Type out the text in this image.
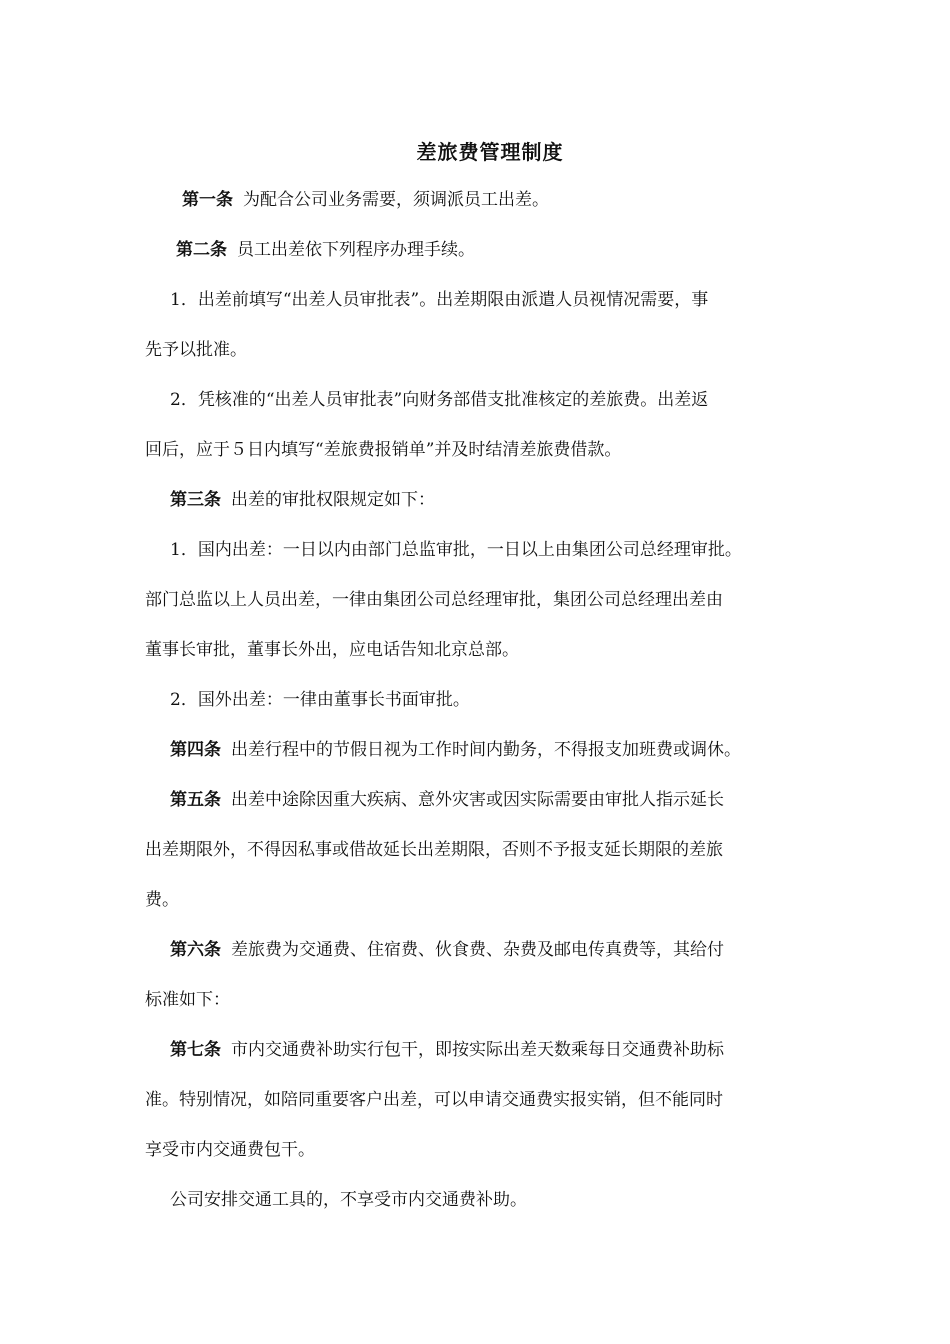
差旅费管理制度
第一条 为配合公司业务需要，须调派员工出差。
第二条 员工出差依下列程序办理手续。
1．出差前填写“出差人员审批表”。出差期限由派遣人员视情况需要，事
先予以批准。
2．凭核准的“出差人员审批表”向财务部借支批准核定的差旅费。出差返
回后，应于５日内填写“差旅费报销单”并及时结清差旅费借款。
第三条 出差的审批权限规定如下：
1．国内出差：一日以内由部门总监审批，一日以上由集团公司总经理审批。
部门总监以上人员出差，一律由集团公司总经理审批，集团公司总经理出差由
董事长审批，董事长外出，应电话告知北京总部。
2．国外出差：一律由董事长书面审批。
第四条 出差行程中的节假日视为工作时间内勤务，不得报支加班费或调休。
第五条 出差中途除因重大疾病、意外灾害或因实际需要由审批人指示延长
出差期限外，不得因私事或借故延长出差期限，否则不予报支延长期限的差旅
费。
第六条 差旅费为交通费、住宿费、伙食费、杂费及邮电传真费等，其给付
标准如下：
第七条 市内交通费补助实行包干，即按实际出差天数乘每日交通费补助标
准。特别情况，如陪同重要客户出差，可以申请交通费实报实销，但不能同时
享受市内交通费包干。
公司安排交通工具的，不享受市内交通费补助。
